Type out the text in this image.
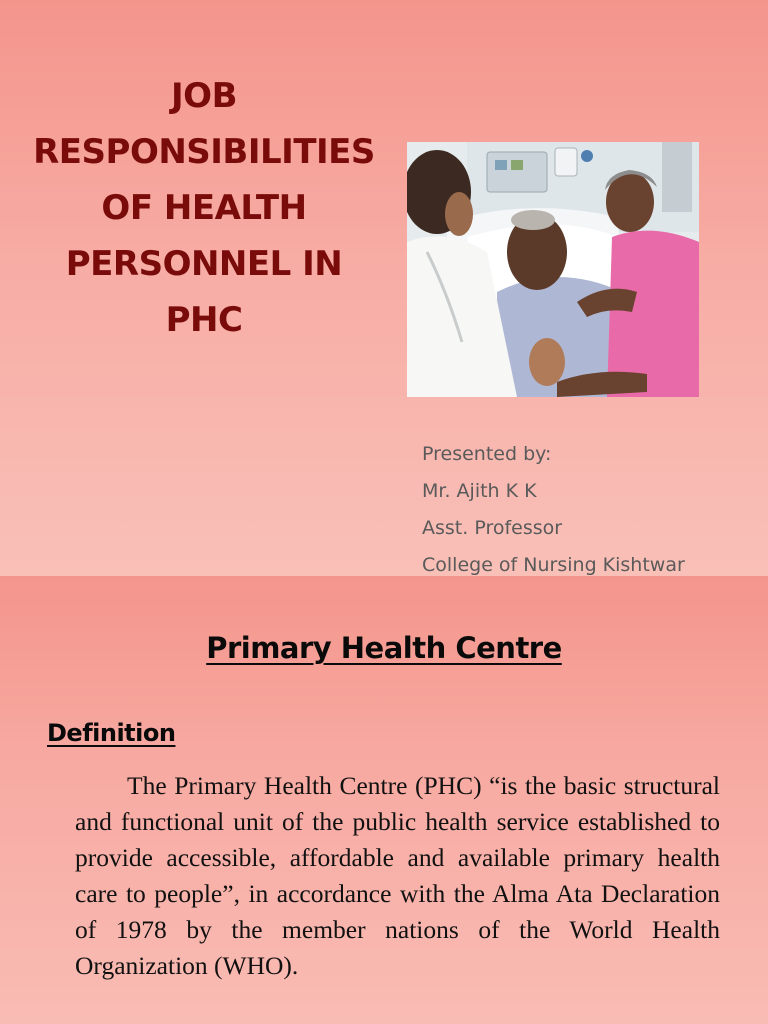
JOB
RESPONSIBILITIES
OF HEALTH
PERSONNEL IN
PHC
Presented by:
Mr. Ajith K K
Asst. Professor
College of Nursing Kishtwar
Primary Health Centre
Definition

The Primary Health Centre (PHC) “is the basic structural and functional unit of the public health service established to provide accessible, affordable and available primary health care to people”, in accordance with the Alma Ata Declaration of 1978 by the member nations of the World Health Organization (WHO).
